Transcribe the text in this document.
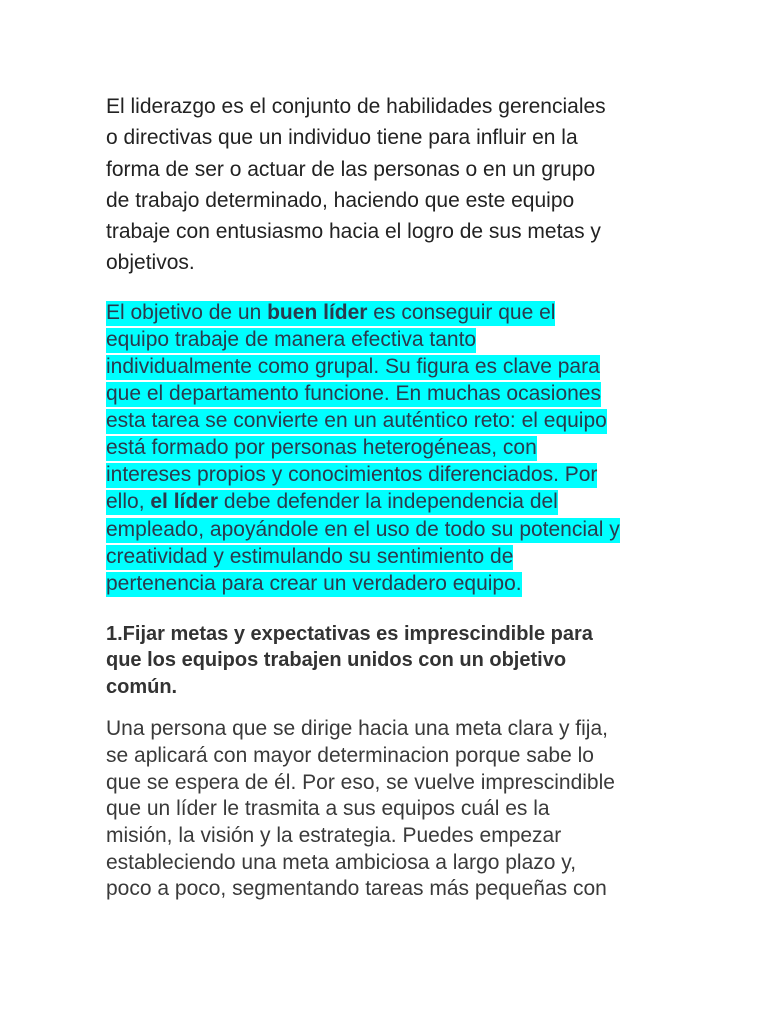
El liderazgo es el conjunto de habilidades gerenciales
o directivas que un individuo tiene para influir en la
forma de ser o actuar de las personas o en un grupo
de trabajo determinado, haciendo que este equipo
trabaje con entusiasmo hacia el logro de sus metas y
objetivos.
El objetivo de un buen líder es conseguir que el
equipo trabaje de manera efectiva tanto
individualmente como grupal. Su figura es clave para
que el departamento funcione. En muchas ocasiones
esta tarea se convierte en un auténtico reto: el equipo
está formado por personas heterogéneas, con
intereses propios y conocimientos diferenciados. Por
ello, el líder debe defender la independencia del
empleado, apoyándole en el uso de todo su potencial y
creatividad y estimulando su sentimiento de
pertenencia para crear un verdadero equipo.
1.Fijar metas y expectativas es imprescindible para
que los equipos trabajen unidos con un objetivo
común.
Una persona que se dirige hacia una meta clara y fija,
se aplicará con mayor determinacion porque sabe lo
que se espera de él. Por eso, se vuelve imprescindible
que un líder le trasmita a sus equipos cuál es la
misión, la visión y la estrategia. Puedes empezar
estableciendo una meta ambiciosa a largo plazo y,
poco a poco, segmentando tareas más pequeñas con
